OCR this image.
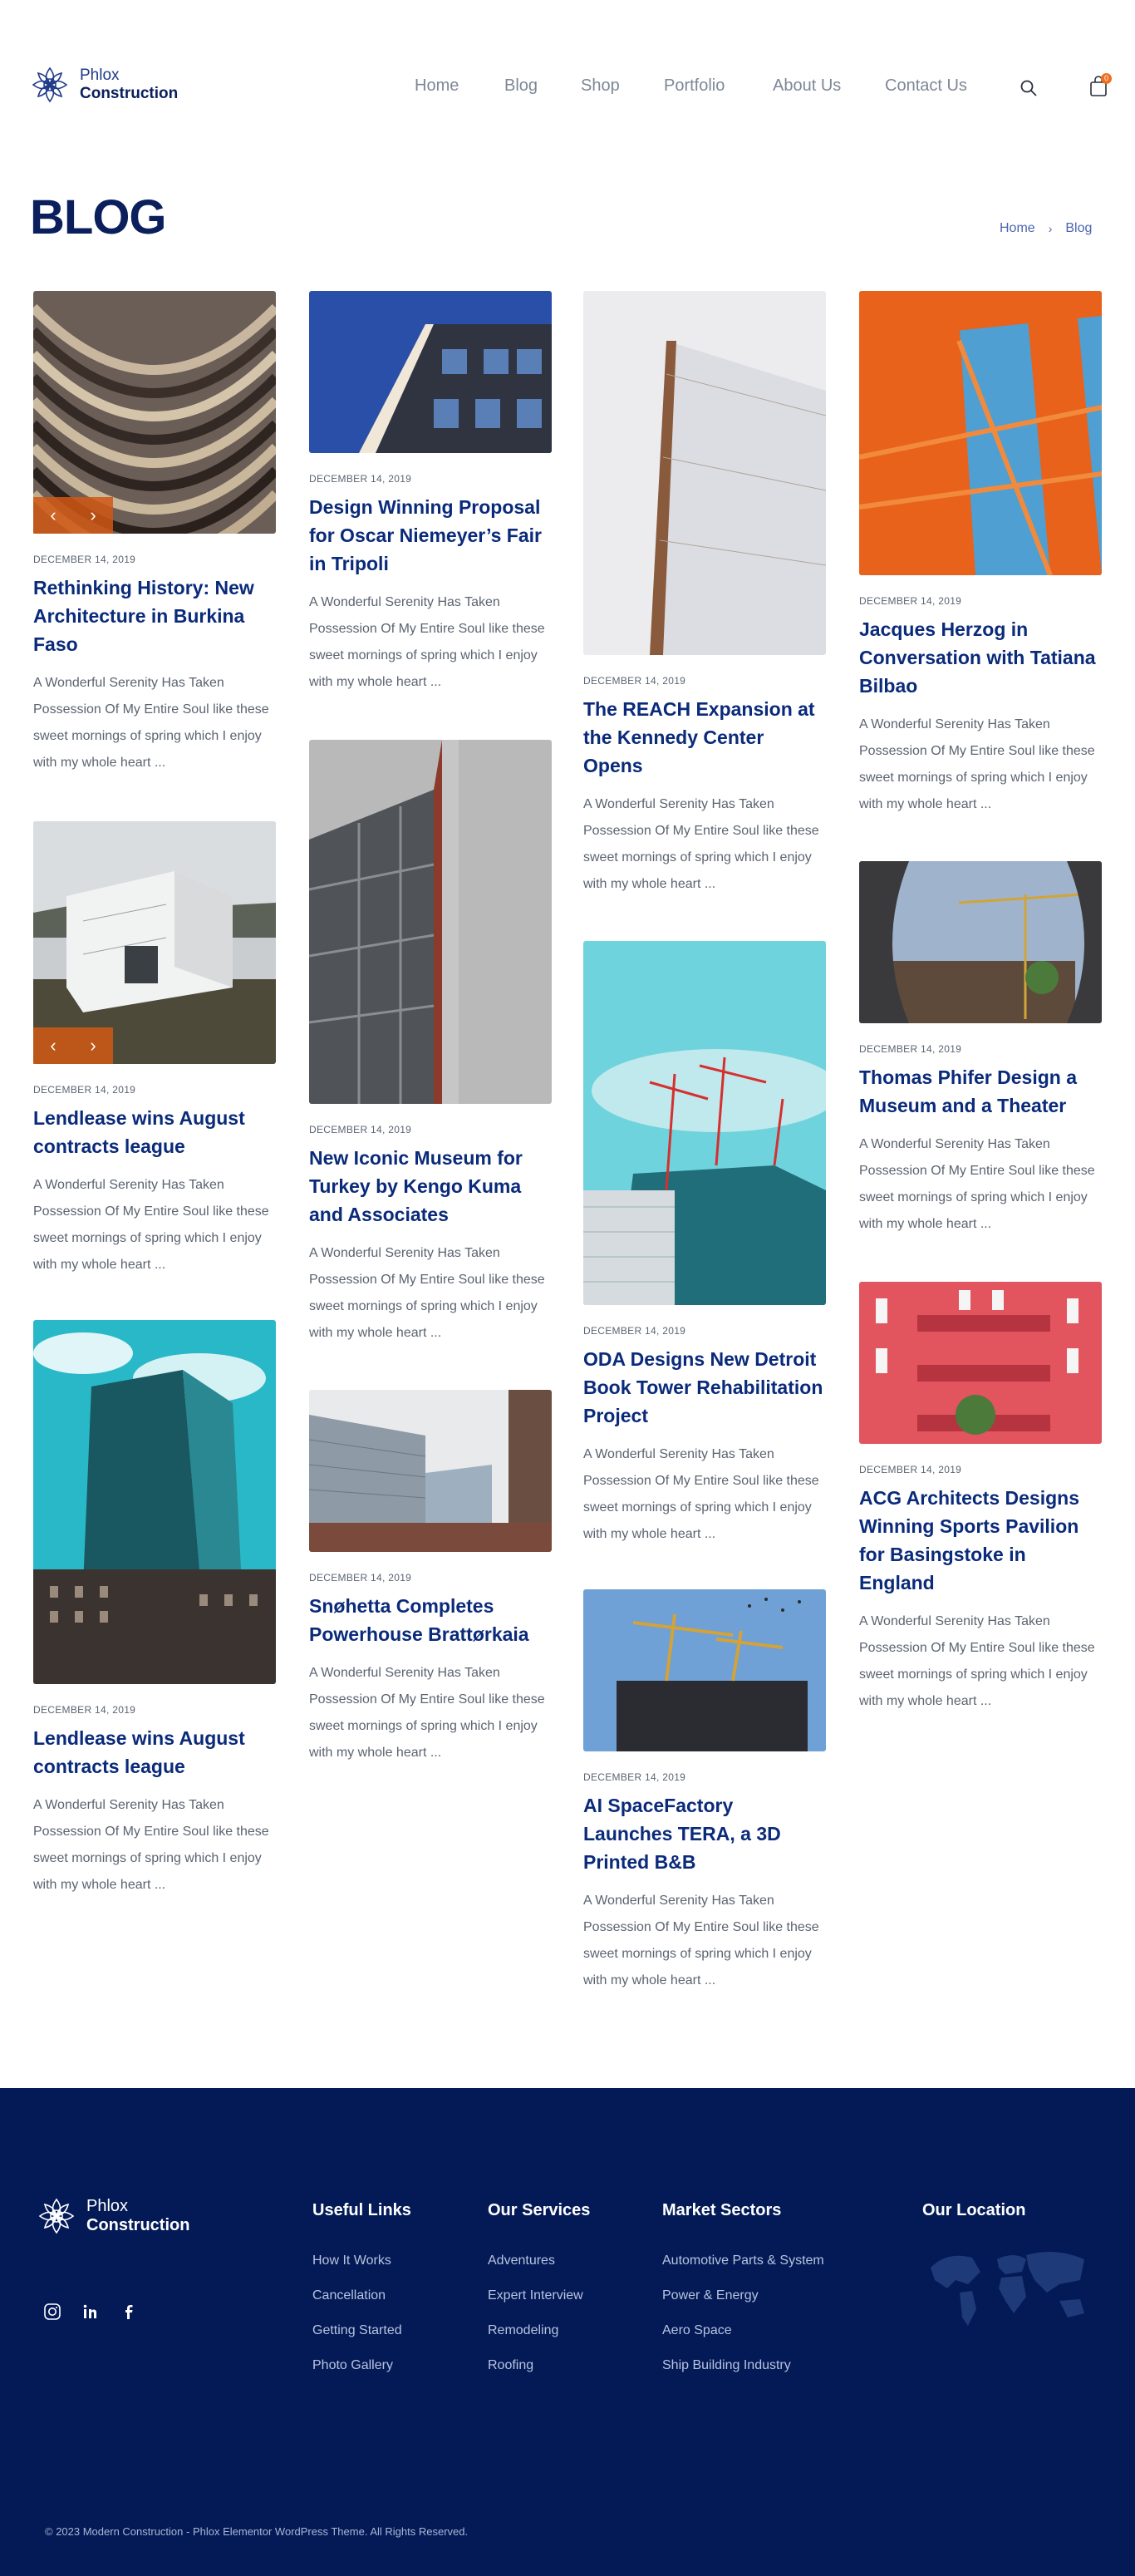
Phlox
Construction	Home	Blog	Shop	Portfolio	About Us	Contact Us	0
BLOG	Home › Blog
‹ ›
DECEMBER 14, 2019
Rethinking History: New Architecture in Burkina Faso
A Wonderful Serenity Has Taken Possession Of My Entire Soul like these sweet mornings of spring which I enjoy with my whole heart ...
‹ ›
DECEMBER 14, 2019
Lendlease wins August contracts league
A Wonderful Serenity Has Taken Possession Of My Entire Soul like these sweet mornings of spring which I enjoy with my whole heart ...
DECEMBER 14, 2019
Lendlease wins August contracts league
A Wonderful Serenity Has Taken Possession Of My Entire Soul like these sweet mornings of spring which I enjoy with my whole heart ...
DECEMBER 14, 2019
Design Winning Proposal for Oscar Niemeyer’s Fair in Tripoli
A Wonderful Serenity Has Taken Possession Of My Entire Soul like these sweet mornings of spring which I enjoy with my whole heart ...
DECEMBER 14, 2019
New Iconic Museum for Turkey by Kengo Kuma and Associates
A Wonderful Serenity Has Taken Possession Of My Entire Soul like these sweet mornings of spring which I enjoy with my whole heart ...
DECEMBER 14, 2019
Snøhetta Completes Powerhouse Brattørkaia
A Wonderful Serenity Has Taken Possession Of My Entire Soul like these sweet mornings of spring which I enjoy with my whole heart ...
DECEMBER 14, 2019
The REACH Expansion at the Kennedy Center Opens
A Wonderful Serenity Has Taken Possession Of My Entire Soul like these sweet mornings of spring which I enjoy with my whole heart ...
DECEMBER 14, 2019
ODA Designs New Detroit Book Tower Rehabilitation Project
A Wonderful Serenity Has Taken Possession Of My Entire Soul like these sweet mornings of spring which I enjoy with my whole heart ...
DECEMBER 14, 2019
AI SpaceFactory Launches TERA, a 3D Printed B&B
A Wonderful Serenity Has Taken Possession Of My Entire Soul like these sweet mornings of spring which I enjoy with my whole heart ...
DECEMBER 14, 2019
Jacques Herzog in Conversation with Tatiana Bilbao
A Wonderful Serenity Has Taken Possession Of My Entire Soul like these sweet mornings of spring which I enjoy with my whole heart ...
DECEMBER 14, 2019
Thomas Phifer Design a Museum and a Theater
A Wonderful Serenity Has Taken Possession Of My Entire Soul like these sweet mornings of spring which I enjoy with my whole heart ...
DECEMBER 14, 2019
ACG Architects Designs Winning Sports Pavilion for Basingstoke in England
A Wonderful Serenity Has Taken Possession Of My Entire Soul like these sweet mornings of spring which I enjoy with my whole heart ...
Phlox
Construction
Useful Links
How It Works
Cancellation
Getting Started
Photo Gallery
Our Services
Adventures
Expert Interview
Remodeling
Roofing
Market Sectors
Automotive Parts & System
Power & Energy
Aero Space
Ship Building Industry
Our Location
© 2023 Modern Construction - Phlox Elementor WordPress Theme. All Rights Reserved.
